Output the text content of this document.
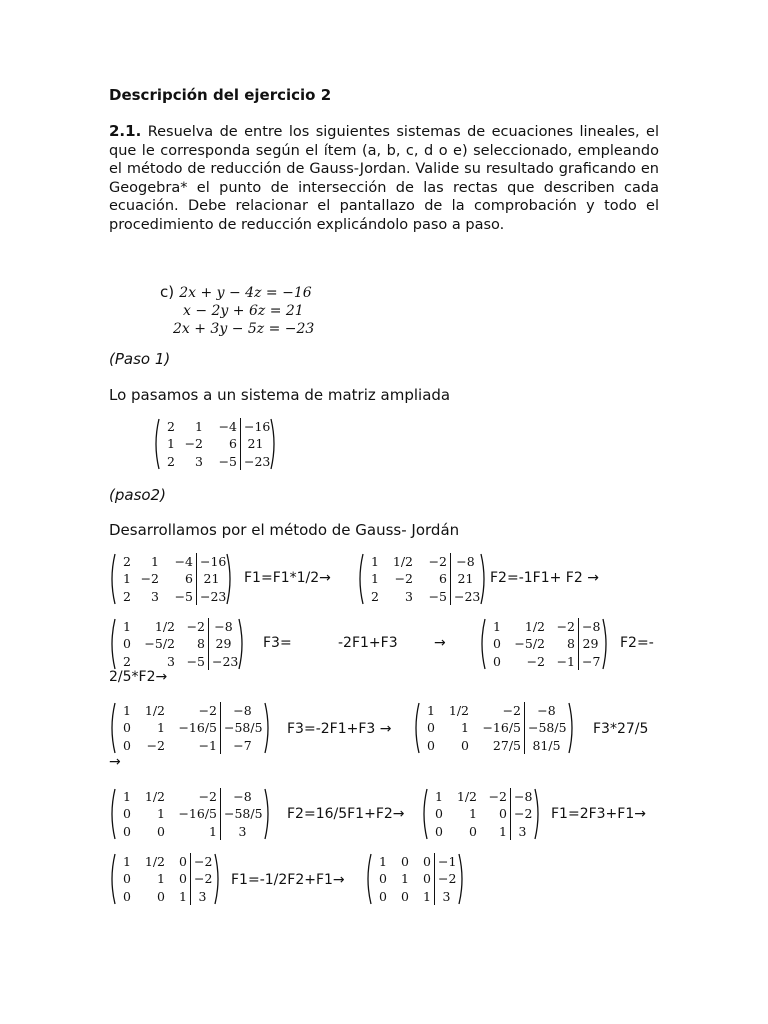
Descripción del ejercicio 2
2.1. Resuelva de entre los siguientes sistemas de ecuaciones lineales, el que le corresponda según el ítem (a, b, c, d o e) seleccionado, empleando el método de reducción de Gauss-Jordan. Valide su resultado graficando en Geogebra* el punto de intersección de las rectas que describen cada ecuación. Debe relacionar el pantallazo de la comprobación y todo el procedimiento de reducción explicándolo paso a paso.
c) 2x + y − 4z = −16
x − 2y + 6z = 21
2x + 3y − 5z = −23
(Paso 1)
Lo pasamos a un sistema de matriz ampliada
2	1	−4 −16
1 −2	6 21
2	3	−5 −23
(paso2)
Desarrollamos por el método de Gauss- Jordán
2	1	−4 −16
1 −2	6 21
2	3	−5 −23
F1=F1*1/2→
1	1/2	−2 −8
1	−2	6 21
2	3	−5 −23
F2=-1F1+ F2 →
1	1/2 −2 −8
0	−5/2	8 29
2	3 −5 −23
F3=	-2F1+F3	→
1	1/2 −2 −8
0	−5/2	8 29
0	−2 −1 −7
F2=-
2/5*F2→
1	1/2	−2	−8
0	1	−16/5 −58/5
0	−2	−1	−7
F3=-2F1+F3 →
1	1/2	−2	−8
0	1	−16/5 −58/5
0	0	27/5 81/5
F3*27/5
→
1	1/2	−2	−8
0	1	−16/5 −58/5
0	0	1	3
F2=16/5F1+F2→
1	1/2 −2 −8
0	1	0 −2
0	0	1 3
F1=2F3+F1→
1	1/2	0 −2
0	1	0 −2
0	0	1 3
F1=-1/2F2+F1→
1	0	0 −1
0	1	0 −2
0	0	1 3
